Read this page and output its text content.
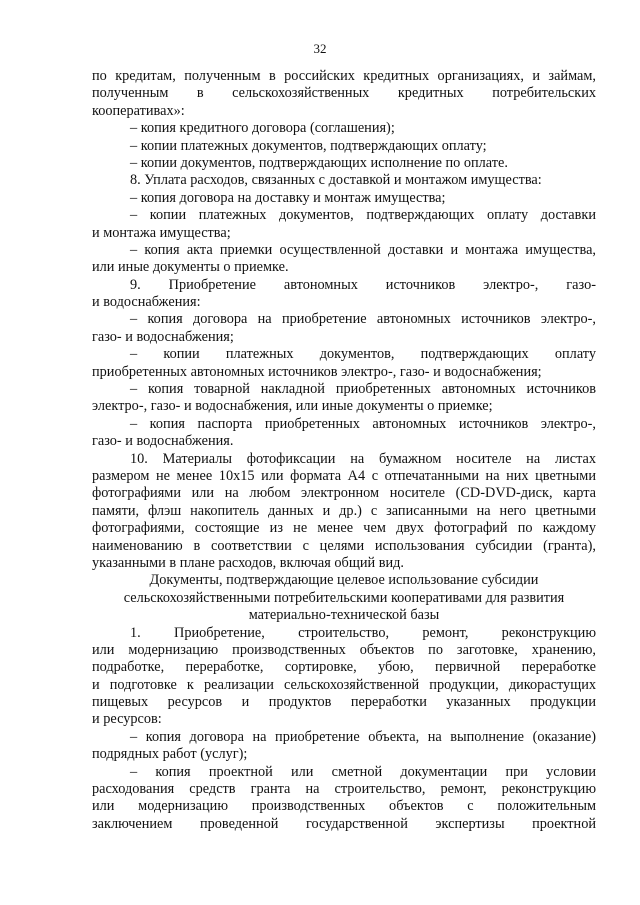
32
по кредитам, полученным в российских кредитных организациях, и займам,
полученным в сельскохозяйственных кредитных потребительских
кооперативах»:
– копия кредитного договора (соглашения);
– копии платежных документов, подтверждающих оплату;
– копии документов, подтверждающих исполнение по оплате.
8. Уплата расходов, связанных с доставкой и монтажом имущества:
– копия договора на доставку и монтаж имущества;
– копии платежных документов, подтверждающих оплату доставки
и монтажа имущества;
– копия акта приемки осуществленной доставки и монтажа имущества,
или иные документы о приемке.
9. Приобретение автономных источников электро-, газо-
и водоснабжения:
– копия договора на приобретение автономных источников электро-,
газо- и водоснабжения;
– копии платежных документов, подтверждающих оплату
приобретенных автономных источников электро-, газо- и водоснабжения;
– копия товарной накладной приобретенных автономных источников
электро-, газо- и водоснабжения, или иные документы о приемке;
– копия паспорта приобретенных автономных источников электро-,
газо- и водоснабжения.
10. Материалы фотофиксации на бумажном носителе на листах
размером не менее 10х15 или формата А4 с отпечатанными на них цветными
фотографиями или на любом электронном носителе (CD-DVD-диск, карта
памяти, флэш накопитель данных и др.) с записанными на него цветными
фотографиями, состоящие из не менее чем двух фотографий по каждому
наименованию в соответствии с целями использования субсидии (гранта),
указанными в плане расходов, включая общий вид.
Документы, подтверждающие целевое использование субсидии
сельскохозяйственными потребительскими кооперативами для развития
материально-технической базы
1. Приобретение, строительство, ремонт, реконструкцию
или модернизацию производственных объектов по заготовке, хранению,
подработке, переработке, сортировке, убою, первичной переработке
и подготовке к реализации сельскохозяйственной продукции, дикорастущих
пищевых ресурсов и продуктов переработки указанных продукции
и ресурсов:
– копия договора на приобретение объекта, на выполнение (оказание)
подрядных работ (услуг);
– копия проектной или сметной документации при условии
расходования средств гранта на строительство, ремонт, реконструкцию
или модернизацию производственных объектов с положительным
заключением проведенной государственной экспертизы проектной
